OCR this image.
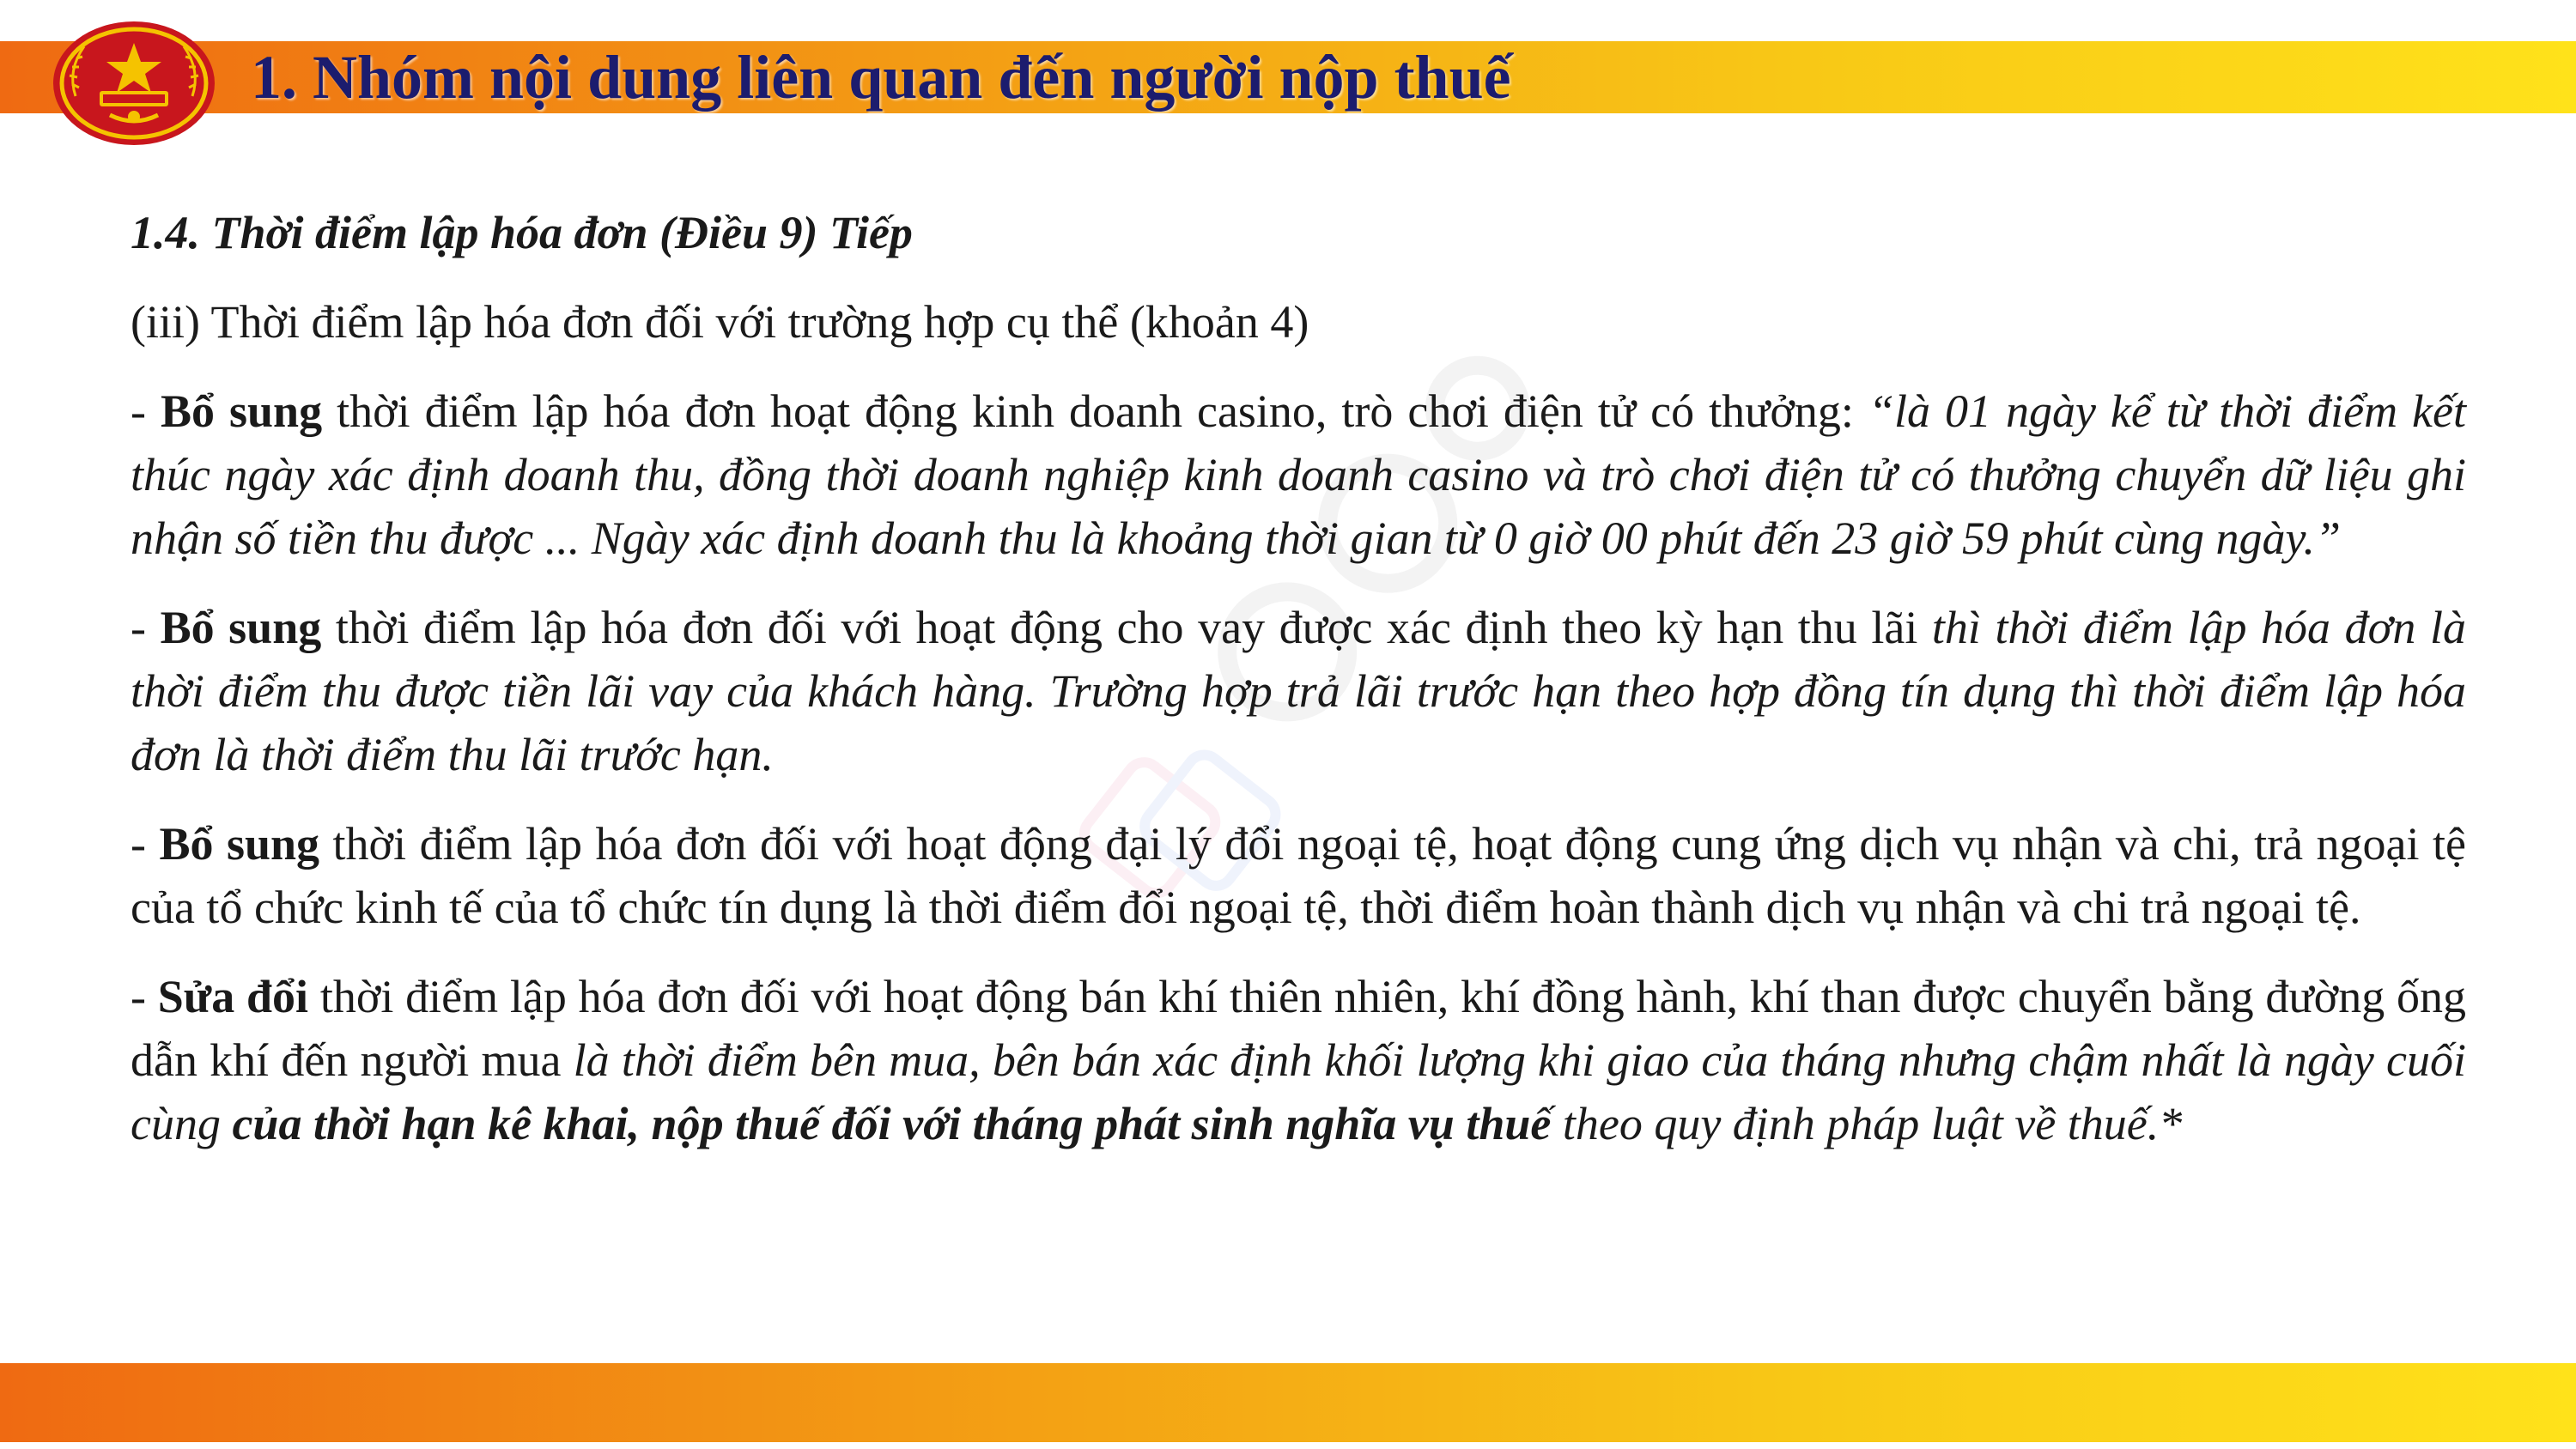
1. Nhóm nội dung liên quan đến người nộp thuế

1.4. Thời điểm lập hóa đơn (Điều 9) Tiếp

(iii) Thời điểm lập hóa đơn đối với trường hợp cụ thể (khoản 4)

- Bổ sung thời điểm lập hóa đơn hoạt động kinh doanh casino, trò chơi điện tử có thưởng: “là 01 ngày kể từ thời điểm kết thúc ngày xác định doanh thu, đồng thời doanh nghiệp kinh doanh casino và trò chơi điện tử có thưởng chuyển dữ liệu ghi nhận số tiền thu được ... Ngày xác định doanh thu là khoảng thời gian từ 0 giờ 00 phút đến 23 giờ 59 phút cùng ngày.”

- Bổ sung thời điểm lập hóa đơn đối với hoạt động cho vay được xác định theo kỳ hạn thu lãi thì thời điểm lập hóa đơn là thời điểm thu được tiền lãi vay của khách hàng. Trường hợp trả lãi trước hạn theo hợp đồng tín dụng thì thời điểm lập hóa đơn là thời điểm thu lãi trước hạn.

- Bổ sung thời điểm lập hóa đơn đối với hoạt động đại lý đổi ngoại tệ, hoạt động cung ứng dịch vụ nhận và chi, trả ngoại tệ của tổ chức kinh tế của tổ chức tín dụng là thời điểm đổi ngoại tệ, thời điểm hoàn thành dịch vụ nhận và chi trả ngoại tệ.

- Sửa đổi thời điểm lập hóa đơn đối với hoạt động bán khí thiên nhiên, khí đồng hành, khí than được chuyển bằng đường ống dẫn khí đến người mua là thời điểm bên mua, bên bán xác định khối lượng khi giao của tháng nhưng chậm nhất là ngày cuối cùng của thời hạn kê khai, nộp thuế đối với tháng phát sinh nghĩa vụ thuế theo quy định pháp luật về thuế.*
